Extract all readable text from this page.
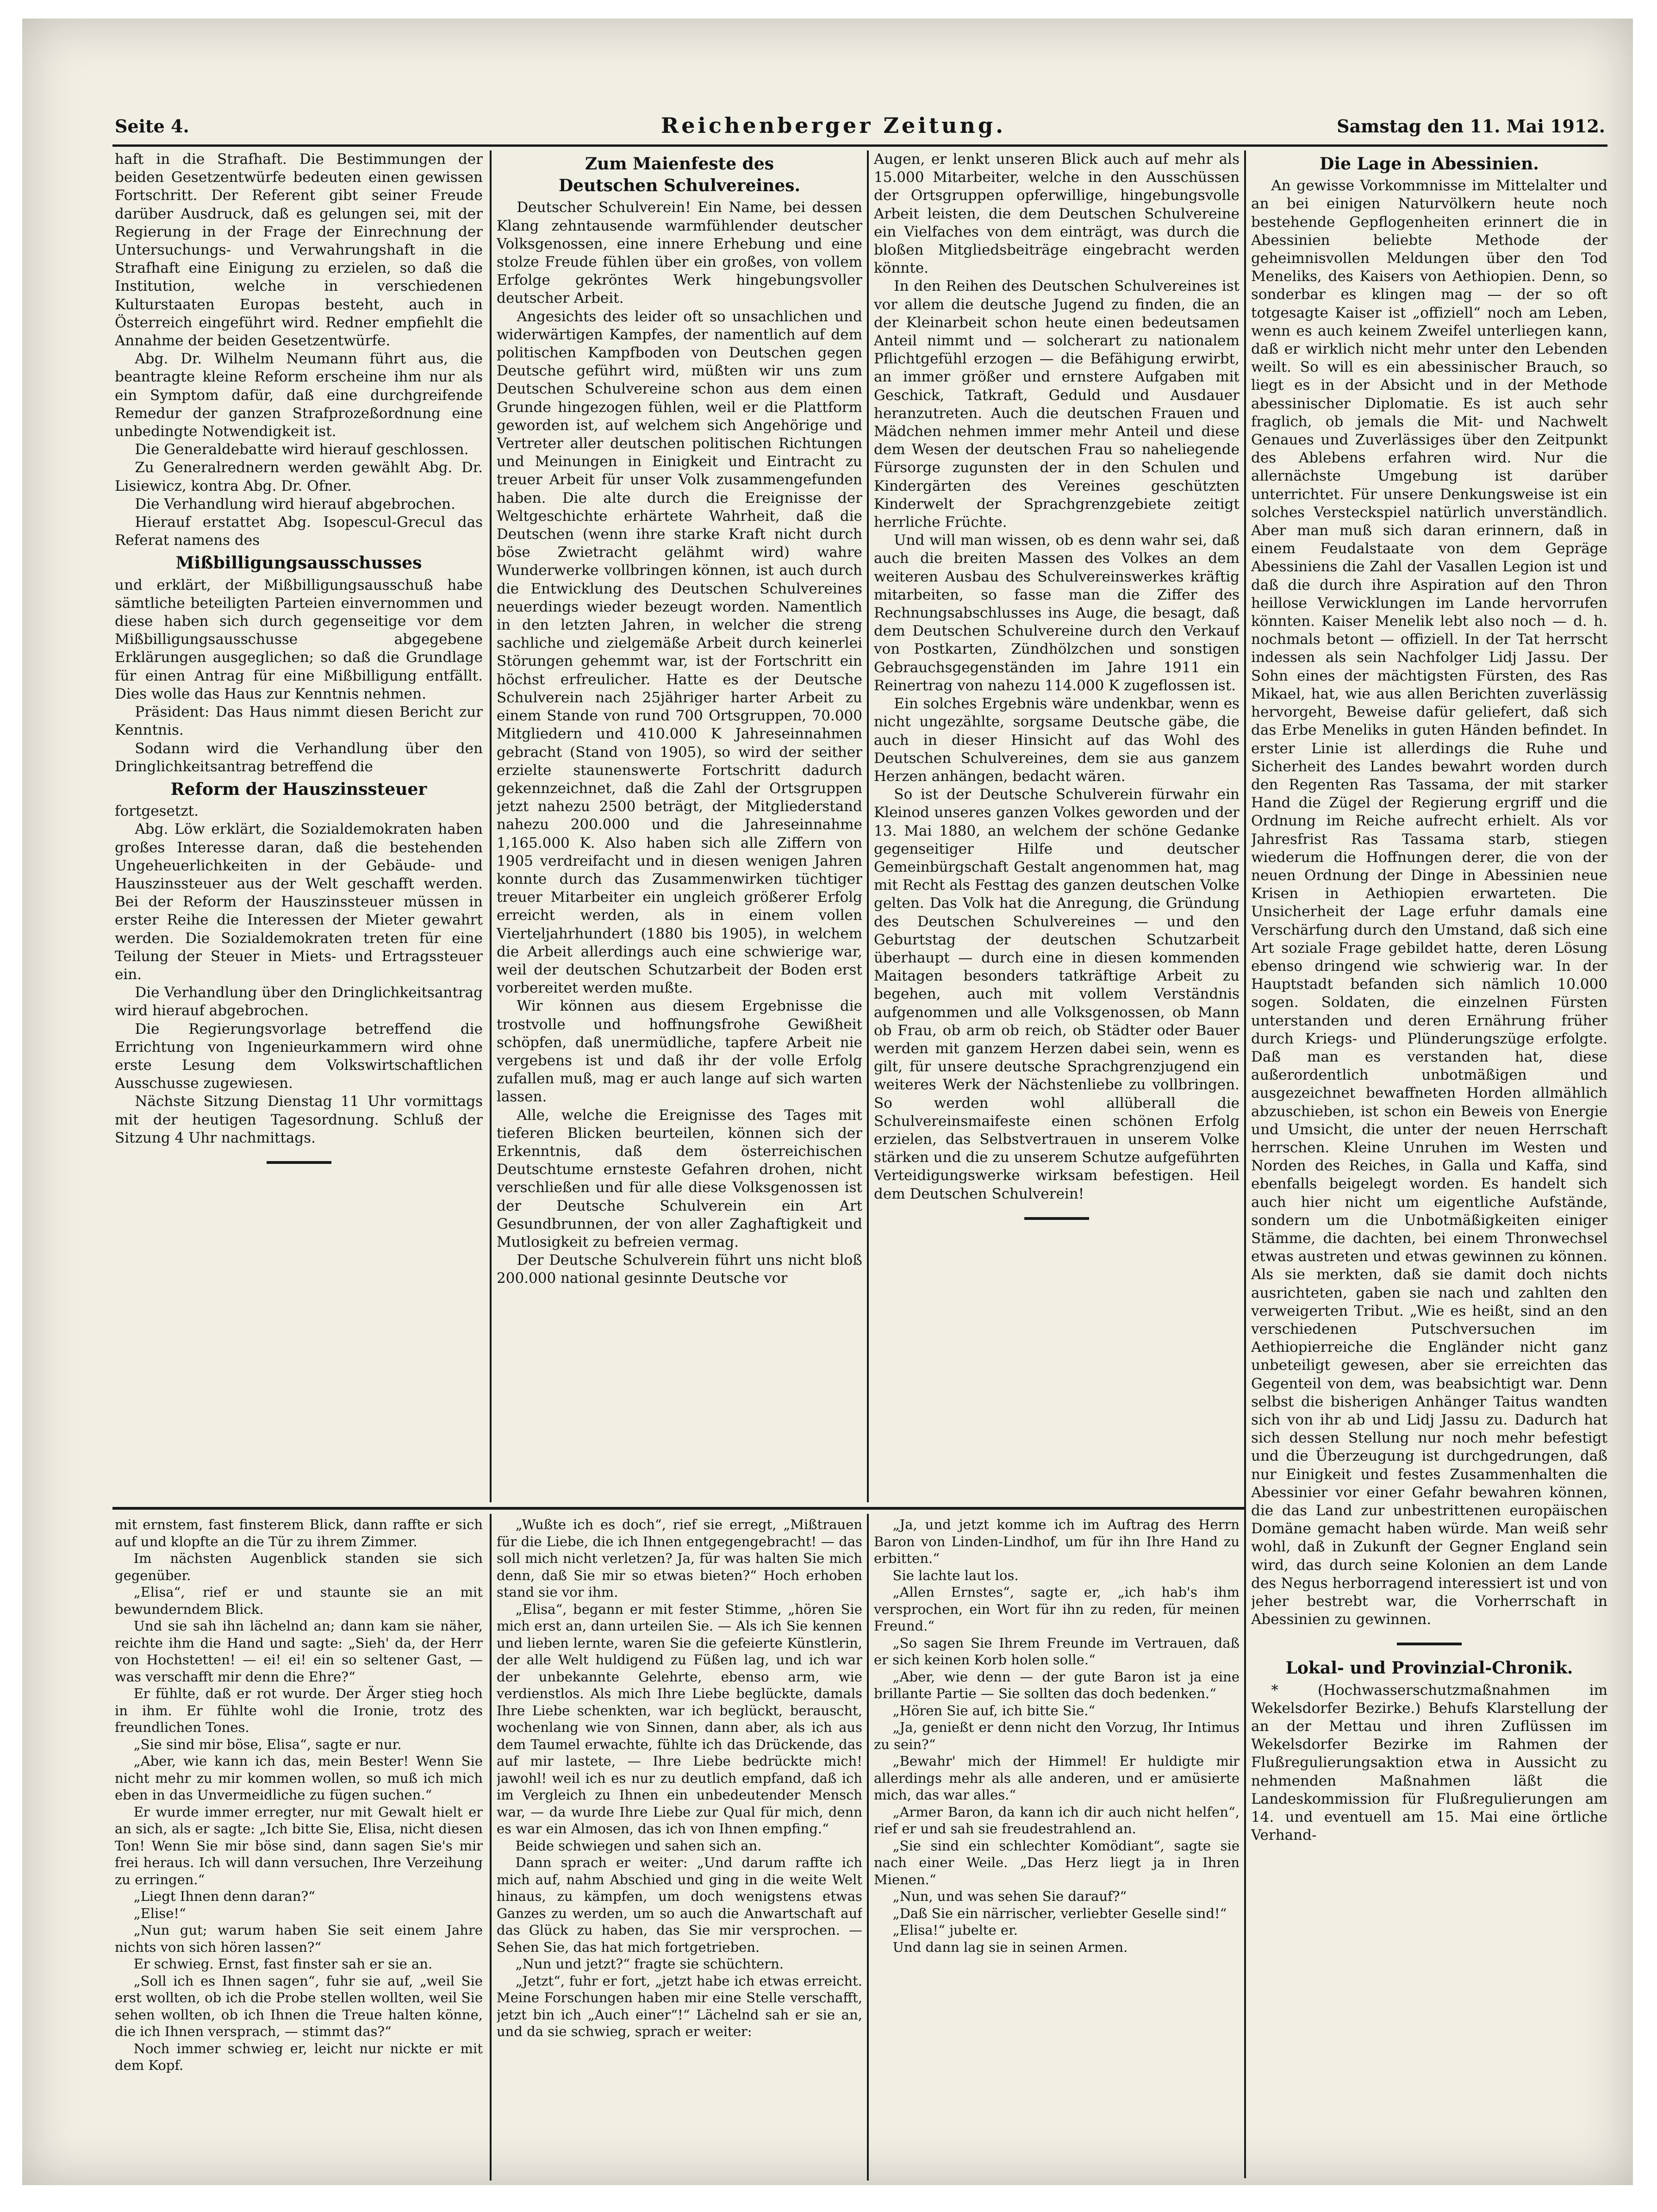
Seite 4.	Reichenberger Zeitung.	Samstag den 11. Mai 1912.

haft in die Strafhaft. Die Bestimmungen der beiden Gesetzentwürfe bedeuten einen gewissen Fortschritt. Der Referent gibt seiner Freude darüber Ausdruck, daß es gelungen sei, mit der Regierung in der Frage der Einrechnung der Untersuchungs- und Verwahrungshaft in die Strafhaft eine Einigung zu erzielen, so daß die Institution, welche in verschiedenen Kulturstaaten Europas besteht, auch in Österreich eingeführt wird. Redner empfiehlt die Annahme der beiden Gesetzentwürfe.

Abg. Dr. Wilhelm Neumann führt aus, die beantragte kleine Reform erscheine ihm nur als ein Symptom dafür, daß eine durchgreifende Remedur der ganzen Strafprozeßordnung eine unbedingte Notwendigkeit ist.

Die Generaldebatte wird hierauf geschlossen.

Zu Generalrednern werden gewählt Abg. Dr. Lisiewicz, kontra Abg. Dr. Ofner.

Die Verhandlung wird hierauf abgebrochen.

Hierauf erstattet Abg. Isopescul-Grecul das Referat namens des

Mißbilligungsausschusses

und erklärt, der Mißbilligungsausschuß habe sämtliche beteiligten Parteien einvernommen und diese haben sich durch gegenseitige vor dem Mißbilligungsausschusse abgegebene Erklärungen ausgeglichen; so daß die Grundlage für einen Antrag für eine Mißbilligung entfällt. Dies wolle das Haus zur Kenntnis nehmen.

Präsident: Das Haus nimmt diesen Bericht zur Kenntnis.

Sodann wird die Verhandlung über den Dringlichkeitsantrag betreffend die

Reform der Hauszinssteuer

fortgesetzt.

Abg. Löw erklärt, die Sozialdemokraten haben großes Interesse daran, daß die bestehenden Ungeheuerlichkeiten in der Gebäude- und Hauszinssteuer aus der Welt geschafft werden. Bei der Reform der Hauszinssteuer müssen in erster Reihe die Interessen der Mieter gewahrt werden. Die Sozialdemokraten treten für eine Teilung der Steuer in Miets- und Ertragssteuer ein.

Die Verhandlung über den Dringlichkeitsantrag wird hierauf abgebrochen.

Die Regierungsvorlage betreffend die Errichtung von Ingenieurkammern wird ohne erste Lesung dem Volkswirtschaftlichen Ausschusse zugewiesen.

Nächste Sitzung Dienstag 11 Uhr vormittags mit der heutigen Tagesordnung. Schluß der Sitzung 4 Uhr nachmittags.

Zum Maienfeste des
Deutschen Schulvereines.

Deutscher Schulverein! Ein Name, bei dessen Klang zehntausende warmfühlender deutscher Volksgenossen, eine innere Erhebung und eine stolze Freude fühlen über ein großes, von vollem Erfolge gekröntes Werk hingebungsvoller deutscher Arbeit.

Angesichts des leider oft so unsachlichen und widerwärtigen Kampfes, der namentlich auf dem politischen Kampfboden von Deutschen gegen Deutsche geführt wird, müßten wir uns zum Deutschen Schulvereine schon aus dem einen Grunde hingezogen fühlen, weil er die Plattform geworden ist, auf welchem sich Angehörige und Vertreter aller deutschen politischen Richtungen und Meinungen in Einigkeit und Eintracht zu treuer Arbeit für unser Volk zusammengefunden haben. Die alte durch die Ereignisse der Weltgeschichte erhärtete Wahrheit, daß die Deutschen (wenn ihre starke Kraft nicht durch böse Zwietracht gelähmt wird) wahre Wunderwerke vollbringen können, ist auch durch die Entwicklung des Deutschen Schulvereines neuerdings wieder bezeugt worden. Namentlich in den letzten Jahren, in welcher die streng sachliche und zielgemäße Arbeit durch keinerlei Störungen gehemmt war, ist der Fortschritt ein höchst erfreulicher. Hatte es der Deutsche Schulverein nach 25jähriger harter Arbeit zu einem Stande von rund 700 Ortsgruppen, 70.000 Mitgliedern und 410.000 K Jahreseinnahmen gebracht (Stand von 1905), so wird der seither erzielte staunenswerte Fortschritt dadurch gekennzeichnet, daß die Zahl der Ortsgruppen jetzt nahezu 2500 beträgt, der Mitgliederstand nahezu 200.000 und die Jahreseinnahme 1,165.000 K. Also haben sich alle Ziffern von 1905 verdreifacht und in diesen wenigen Jahren konnte durch das Zusammenwirken tüchtiger treuer Mitarbeiter ein ungleich größerer Erfolg erreicht werden, als in einem vollen Vierteljahrhundert (1880 bis 1905), in welchem die Arbeit allerdings auch eine schwierige war, weil der deutschen Schutzarbeit der Boden erst vorbereitet werden mußte.

Wir können aus diesem Ergebnisse die trostvolle und hoffnungsfrohe Gewißheit schöpfen, daß unermüdliche, tapfere Arbeit nie vergebens ist und daß ihr der volle Erfolg zufallen muß, mag er auch lange auf sich warten lassen.

Alle, welche die Ereignisse des Tages mit tieferen Blicken beurteilen, können sich der Erkenntnis, daß dem österreichischen Deutschtume ernsteste Gefahren drohen, nicht verschließen und für alle diese Volksgenossen ist der Deutsche Schulverein ein Art Gesundbrunnen, der von aller Zaghaftigkeit und Mutlosigkeit zu befreien vermag.

Der Deutsche Schulverein führt uns nicht bloß 200.000 national gesinnte Deutsche vor

Augen, er lenkt unseren Blick auch auf mehr als 15.000 Mitarbeiter, welche in den Ausschüssen der Ortsgruppen opferwillige, hingebungsvolle Arbeit leisten, die dem Deutschen Schulvereine ein Vielfaches von dem einträgt, was durch die bloßen Mitgliedsbeiträge eingebracht werden könnte.

In den Reihen des Deutschen Schulvereines ist vor allem die deutsche Jugend zu finden, die an der Kleinarbeit schon heute einen bedeutsamen Anteil nimmt und — solcherart zu nationalem Pflichtgefühl erzogen — die Befähigung erwirbt, an immer größer und ernstere Aufgaben mit Geschick, Tatkraft, Geduld und Ausdauer heranzutreten. Auch die deutschen Frauen und Mädchen nehmen immer mehr Anteil und diese dem Wesen der deutschen Frau so naheliegende Fürsorge zugunsten der in den Schulen und Kindergärten des Vereines geschützten Kinderwelt der Sprachgrenzgebiete zeitigt herrliche Früchte.

Und will man wissen, ob es denn wahr sei, daß auch die breiten Massen des Volkes an dem weiteren Ausbau des Schulvereinswerkes kräftig mitarbeiten, so fasse man die Ziffer des Rechnungsabschlusses ins Auge, die besagt, daß dem Deutschen Schulvereine durch den Verkauf von Postkarten, Zündhölzchen und sonstigen Gebrauchsgegenständen im Jahre 1911 ein Reinertrag von nahezu 114.000 K zugeflossen ist.

Ein solches Ergebnis wäre undenkbar, wenn es nicht ungezählte, sorgsame Deutsche gäbe, die auch in dieser Hinsicht auf das Wohl des Deutschen Schulvereines, dem sie aus ganzem Herzen anhängen, bedacht wären.

So ist der Deutsche Schulverein fürwahr ein Kleinod unseres ganzen Volkes geworden und der 13. Mai 1880, an welchem der schöne Gedanke gegenseitiger Hilfe und deutscher Gemeinbürgschaft Gestalt angenommen hat, mag mit Recht als Festtag des ganzen deutschen Volke gelten. Das Volk hat die Anregung, die Gründung des Deutschen Schulvereines — und den Geburtstag der deutschen Schutzarbeit überhaupt — durch eine in diesen kommenden Maitagen besonders tatkräftige Arbeit zu begehen, auch mit vollem Verständnis aufgenommen und alle Volksgenossen, ob Mann ob Frau, ob arm ob reich, ob Städter oder Bauer werden mit ganzem Herzen dabei sein, wenn es gilt, für unsere deutsche Sprachgrenzjugend ein weiteres Werk der Nächstenliebe zu vollbringen. So werden wohl allüberall die Schulvereinsmaifeste einen schönen Erfolg erzielen, das Selbstvertrauen in unserem Volke stärken und die zu unserem Schutze aufgeführten Verteidigungswerke wirksam befestigen. Heil dem Deutschen Schulverein!

Die Lage in Abessinien.

An gewisse Vorkommnisse im Mittelalter und an bei einigen Naturvölkern heute noch bestehende Gepflogenheiten erinnert die in Abessinien beliebte Methode der geheimnisvollen Meldungen über den Tod Meneliks, des Kaisers von Aethiopien. Denn, so sonderbar es klingen mag — der so oft totgesagte Kaiser ist „offiziell“ noch am Leben, wenn es auch keinem Zweifel unterliegen kann, daß er wirklich nicht mehr unter den Lebenden weilt. So will es ein abessinischer Brauch, so liegt es in der Absicht und in der Methode abessinischer Diplomatie. Es ist auch sehr fraglich, ob jemals die Mit- und Nachwelt Genaues und Zuverlässiges über den Zeitpunkt des Ablebens erfahren wird. Nur die allernächste Umgebung ist darüber unterrichtet. Für unsere Denkungsweise ist ein solches Versteckspiel natürlich unverständlich. Aber man muß sich daran erinnern, daß in einem Feudalstaate von dem Gepräge Abessiniens die Zahl der Vasallen Legion ist und daß die durch ihre Aspiration auf den Thron heillose Verwicklungen im Lande hervorrufen könnten. Kaiser Menelik lebt also noch — d. h. nochmals betont — offiziell. In der Tat herrscht indessen als sein Nachfolger Lidj Jassu. Der Sohn eines der mächtigsten Fürsten, des Ras Mikael, hat, wie aus allen Berichten zuverlässig hervorgeht, Beweise dafür geliefert, daß sich das Erbe Meneliks in guten Händen befindet. In erster Linie ist allerdings die Ruhe und Sicherheit des Landes bewahrt worden durch den Regenten Ras Tassama, der mit starker Hand die Zügel der Regierung ergriff und die Ordnung im Reiche aufrecht erhielt. Als vor Jahresfrist Ras Tassama starb, stiegen wiederum die Hoffnungen derer, die von der neuen Ordnung der Dinge in Abessinien neue Krisen in Aethiopien erwarteten. Die Unsicherheit der Lage erfuhr damals eine Verschärfung durch den Umstand, daß sich eine Art soziale Frage gebildet hatte, deren Lösung ebenso dringend wie schwierig war. In der Hauptstadt befanden sich nämlich 10.000 sogen. Soldaten, die einzelnen Fürsten unterstanden und deren Ernährung früher durch Kriegs- und Plünderungszüge erfolgte. Daß man es verstanden hat, diese außerordentlich unbotmäßigen und ausgezeichnet bewaffneten Horden allmählich abzuschieben, ist schon ein Beweis von Energie und Umsicht, die unter der neuen Herrschaft herrschen. Kleine Unruhen im Westen und Norden des Reiches, in Galla und Kaffa, sind ebenfalls beigelegt worden. Es handelt sich auch hier nicht um eigentliche Aufstände, sondern um die Unbotmäßigkeiten einiger Stämme, die dachten, bei einem Thronwechsel etwas austreten und etwas gewinnen zu können. Als sie merkten, daß sie damit doch nichts ausrichteten, gaben sie nach und zahlten den verweigerten Tribut. „Wie es heißt, sind an den verschiedenen Putschversuchen im Aethiopierreiche die Engländer nicht ganz unbeteiligt gewesen, aber sie erreichten das Gegenteil von dem, was beabsichtigt war. Denn selbst die bisherigen Anhänger Taitus wandten sich von ihr ab und Lidj Jassu zu. Dadurch hat sich dessen Stellung nur noch mehr befestigt und die Überzeugung ist durchgedrungen, daß nur Einigkeit und festes Zusammenhalten die Abessinier vor einer Gefahr bewahren können, die das Land zur unbestrittenen europäischen Domäne gemacht haben würde. Man weiß sehr wohl, daß in Zukunft der Gegner England sein wird, das durch seine Kolonien an dem Lande des Negus herborragend interessiert ist und von jeher bestrebt war, die Vorherrschaft in Abessinien zu gewinnen.

Lokal- und Provinzial-Chronik.

* (Hochwasserschutzmaßnahmen im Wekelsdorfer Bezirke.) Behufs Klarstellung der an der Mettau und ihren Zuflüssen im Wekelsdorfer Bezirke im Rahmen der Flußregulierungsaktion etwa in Aussicht zu nehmenden Maßnahmen läßt die Landeskommission für Flußregulierungen am 14. und eventuell am 15. Mai eine örtliche Verhand-

mit ernstem, fast finsterem Blick, dann raffte er sich auf und klopfte an die Tür zu ihrem Zimmer.

Im nächsten Augenblick standen sie sich gegenüber.

„Elisa“, rief er und staunte sie an mit bewunderndem Blick.

Und sie sah ihn lächelnd an; dann kam sie näher, reichte ihm die Hand und sagte: „Sieh' da, der Herr von Hochstetten! — ei! ei! ein so seltener Gast, — was verschafft mir denn die Ehre?“

Er fühlte, daß er rot wurde. Der Ärger stieg hoch in ihm. Er fühlte wohl die Ironie, trotz des freundlichen Tones.

„Sie sind mir böse, Elisa“, sagte er nur.

„Aber, wie kann ich das, mein Bester! Wenn Sie nicht mehr zu mir kommen wollen, so muß ich mich eben in das Unvermeidliche zu fügen suchen.“

Er wurde immer erregter, nur mit Gewalt hielt er an sich, als er sagte: „Ich bitte Sie, Elisa, nicht diesen Ton! Wenn Sie mir böse sind, dann sagen Sie's mir frei heraus. Ich will dann versuchen, Ihre Verzeihung zu erringen.“

„Liegt Ihnen denn daran?“

„Elise!“

„Nun gut; warum haben Sie seit einem Jahre nichts von sich hören lassen?“

Er schwieg. Ernst, fast finster sah er sie an.

„Soll ich es Ihnen sagen“, fuhr sie auf, „weil Sie erst wollten, ob ich die Probe stellen wollten, weil Sie sehen wollten, ob ich Ihnen die Treue halten könne, die ich Ihnen versprach, — stimmt das?“

Noch immer schwieg er, leicht nur nickte er mit dem Kopf.

„Wußte ich es doch“, rief sie erregt, „Mißtrauen für die Liebe, die ich Ihnen entgegengebracht! — das soll mich nicht verletzen? Ja, für was halten Sie mich denn, daß Sie mir so etwas bieten?“ Hoch erhoben stand sie vor ihm.

„Elisa“, begann er mit fester Stimme, „hören Sie mich erst an, dann urteilen Sie. — Als ich Sie kennen und lieben lernte, waren Sie die gefeierte Künstlerin, der alle Welt huldigend zu Füßen lag, und ich war der unbekannte Gelehrte, ebenso arm, wie verdienstlos. Als mich Ihre Liebe beglückte, damals Ihre Liebe schenkten, war ich beglückt, berauscht, wochenlang wie von Sinnen, dann aber, als ich aus dem Taumel erwachte, fühlte ich das Drückende, das auf mir lastete, — Ihre Liebe bedrückte mich! jawohl! weil ich es nur zu deutlich empfand, daß ich im Vergleich zu Ihnen ein unbedeutender Mensch war, — da wurde Ihre Liebe zur Qual für mich, denn es war ein Almosen, das ich von Ihnen empfing.“

Beide schwiegen und sahen sich an.

Dann sprach er weiter: „Und darum raffte ich mich auf, nahm Abschied und ging in die weite Welt hinaus, zu kämpfen, um doch wenigstens etwas Ganzes zu werden, um so auch die Anwartschaft auf das Glück zu haben, das Sie mir versprochen. — Sehen Sie, das hat mich fortgetrieben.

„Nun und jetzt?“ fragte sie schüchtern.

„Jetzt“, fuhr er fort, „jetzt habe ich etwas erreicht. Meine Forschungen haben mir eine Stelle verschafft, jetzt bin ich „Auch einer“!“ Lächelnd sah er sie an, und da sie schwieg, sprach er weiter:

„Ja, und jetzt komme ich im Auftrag des Herrn Baron von Linden-Lindhof, um für ihn Ihre Hand zu erbitten.“

Sie lachte laut los.

„Allen Ernstes“, sagte er, „ich hab's ihm versprochen, ein Wort für ihn zu reden, für meinen Freund.“

„So sagen Sie Ihrem Freunde im Vertrauen, daß er sich keinen Korb holen solle.“

„Aber, wie denn — der gute Baron ist ja eine brillante Partie — Sie sollten das doch bedenken.“

„Hören Sie auf, ich bitte Sie.“

„Ja, genießt er denn nicht den Vorzug, Ihr Intimus zu sein?“

„Bewahr' mich der Himmel! Er huldigte mir allerdings mehr als alle anderen, und er amüsierte mich, das war alles.“

„Armer Baron, da kann ich dir auch nicht helfen“, rief er und sah sie freudestrahlend an.

„Sie sind ein schlechter Komödiant“, sagte sie nach einer Weile. „Das Herz liegt ja in Ihren Mienen.“

„Nun, und was sehen Sie darauf?“

„Daß Sie ein närrischer, verliebter Geselle sind!“

„Elisa!“ jubelte er.

Und dann lag sie in seinen Armen.
